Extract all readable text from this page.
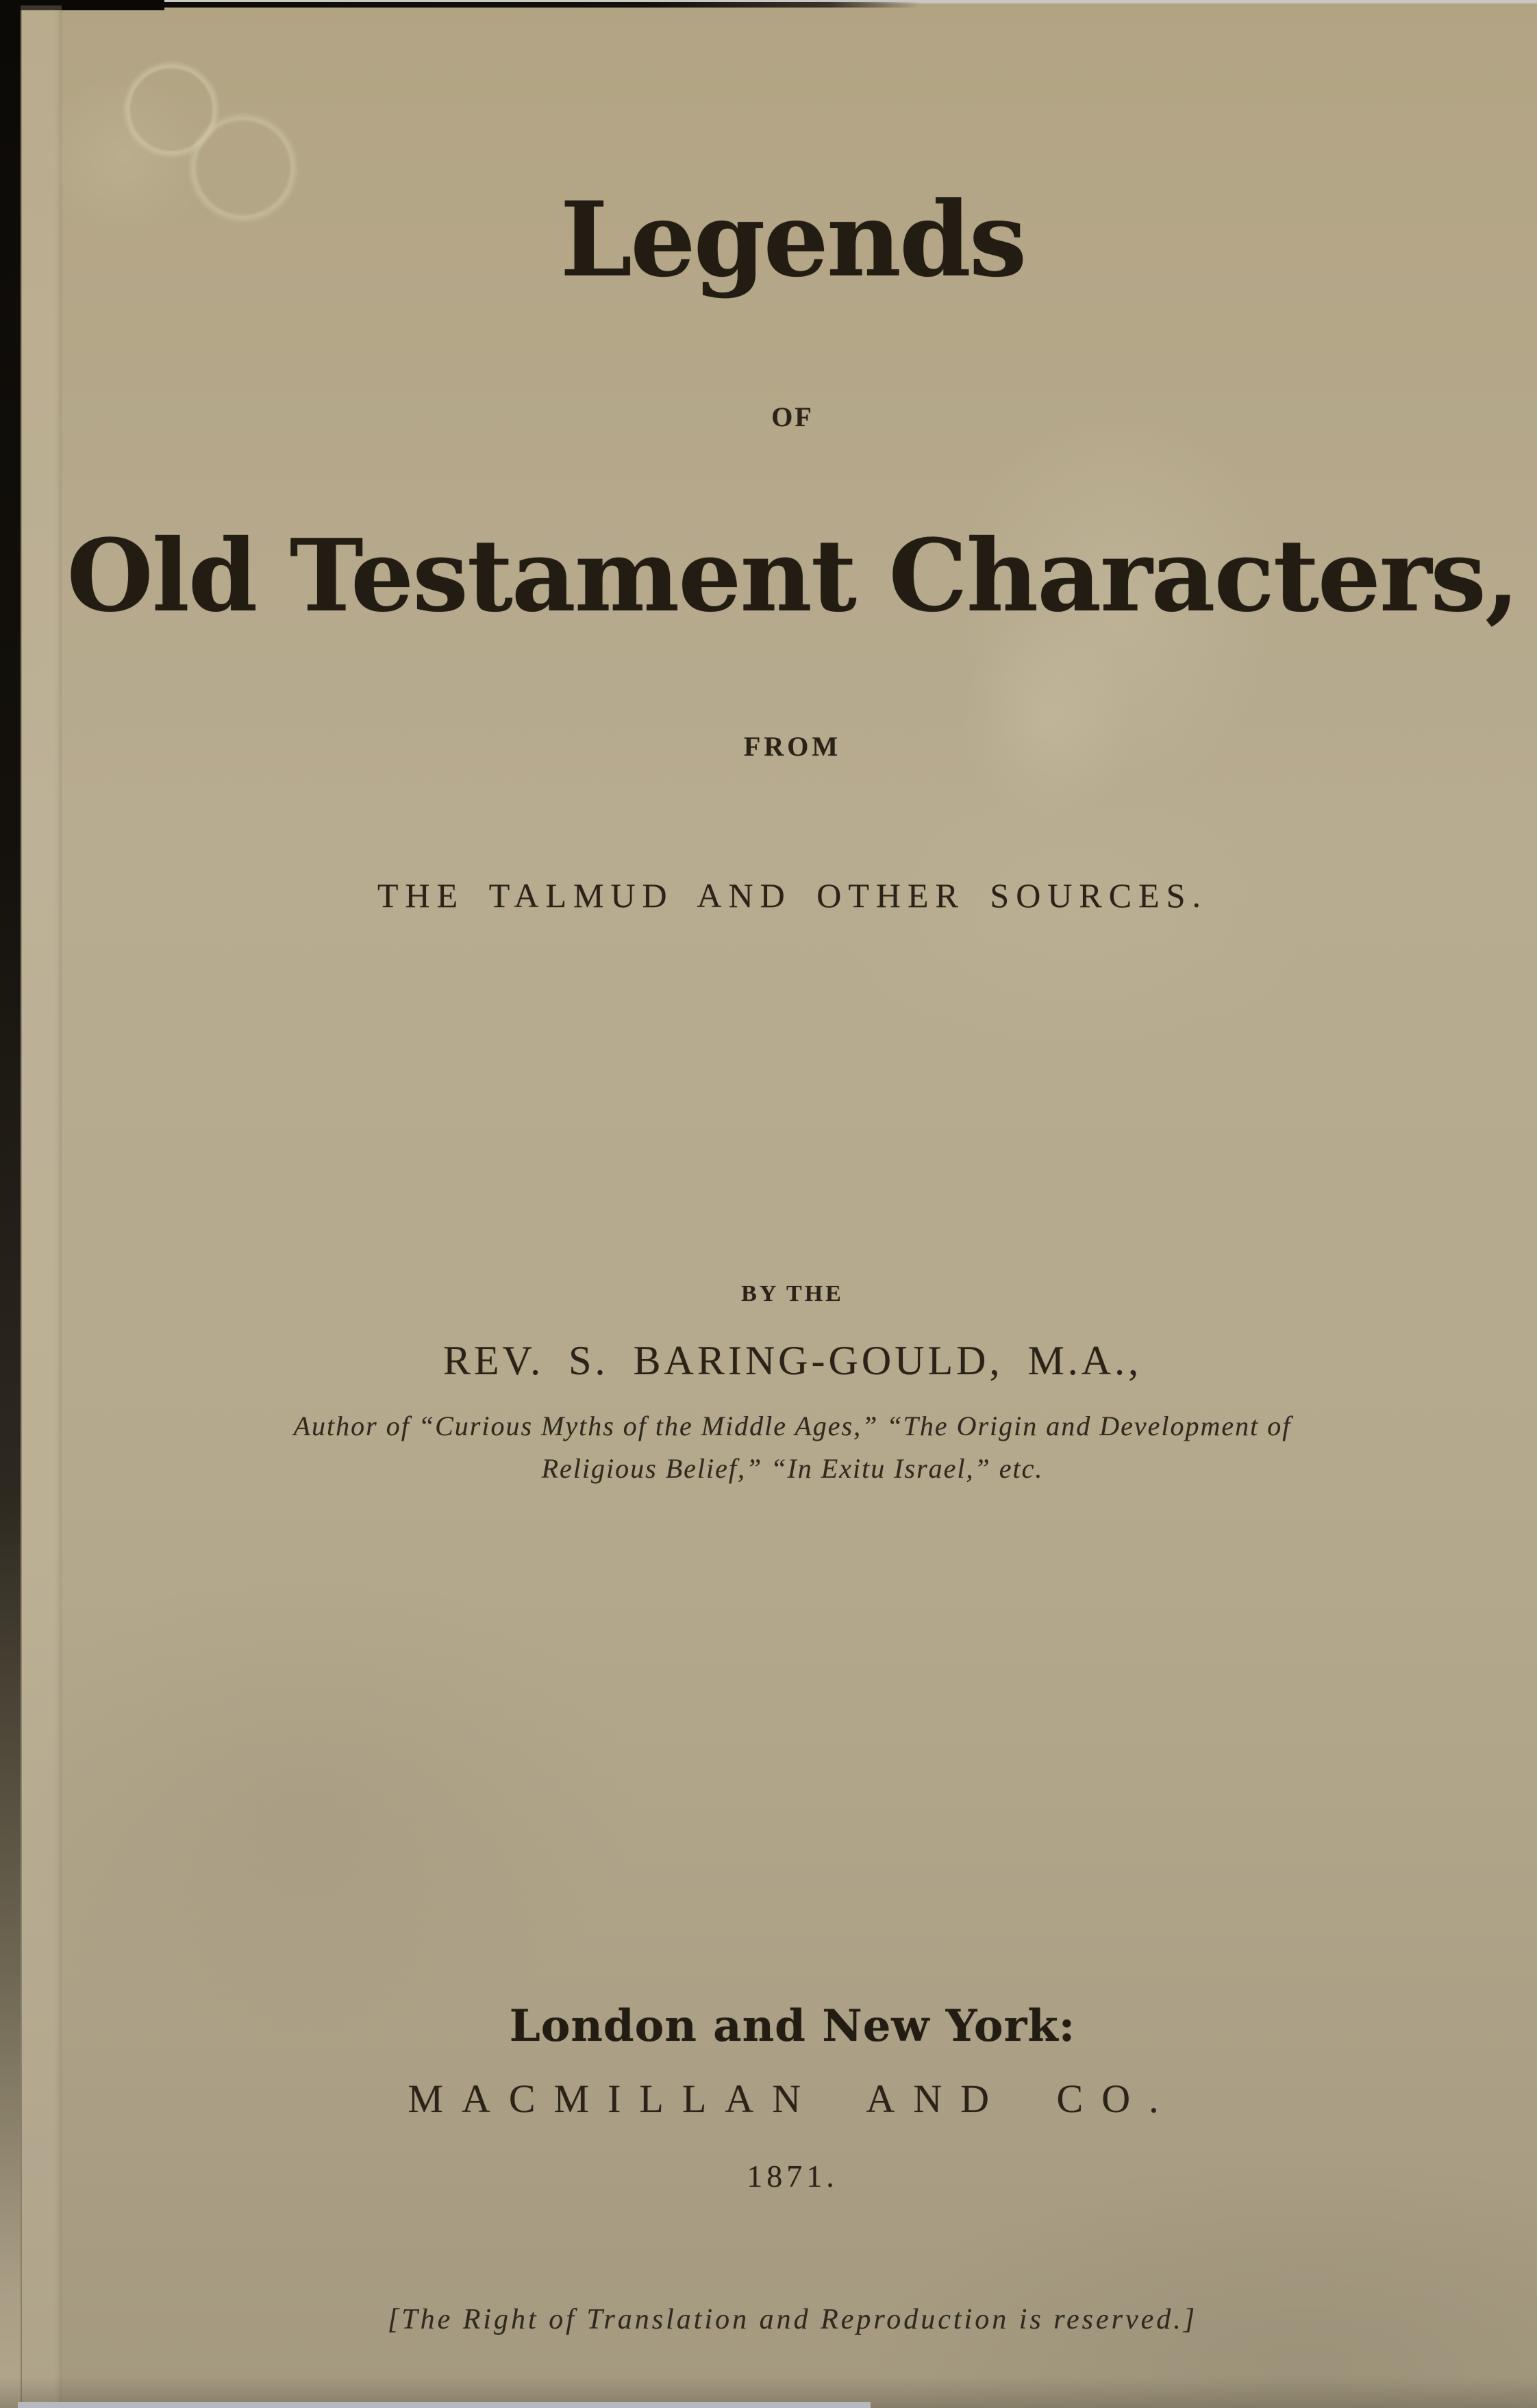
Legends
OF
Old Testament Characters,
FROM
THE TALMUD AND OTHER SOURCES.
BY THE
REV. S. BARING-GOULD, M.A.,
Author of “Curious Myths of the Middle Ages,” “The Origin and Development of
Religious Belief,” “In Exitu Israel,” etc.
London and New York:
MACMILLAN AND CO.
1871.
[The Right of Translation and Reproduction is reserved.]
